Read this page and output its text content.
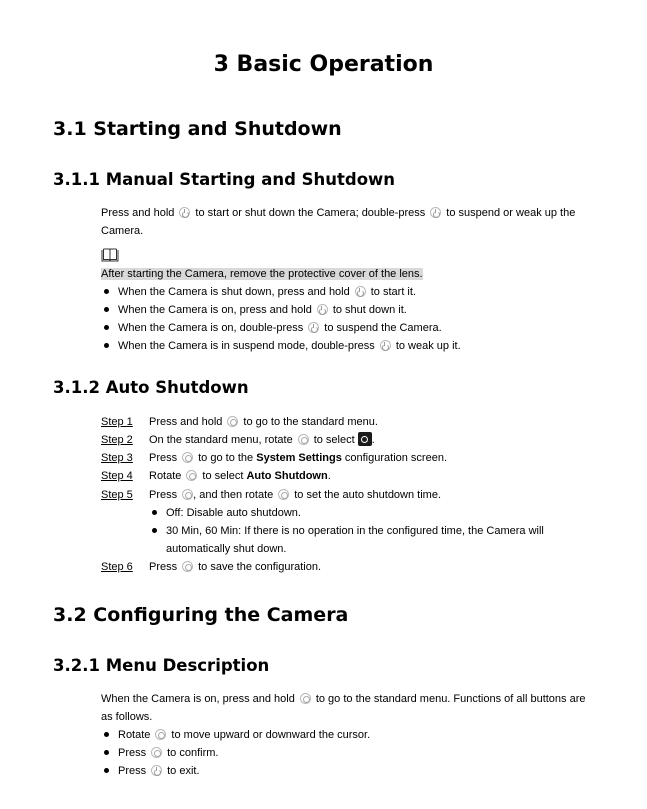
3 Basic Operation
3.1 Starting and Shutdown
3.1.1 Manual Starting and Shutdown
Press and hold to start or shut down the Camera; double-press to suspend or weak up the
Camera.
After starting the Camera, remove the protective cover of the lens.
When the Camera is shut down, press and hold to start it.
When the Camera is on, press and hold to shut down it.
When the Camera is on, double-press to suspend the Camera.
When the Camera is in suspend mode, double-press to weak up it.
3.1.2 Auto Shutdown
Step 1 Press and hold to go to the standard menu.
Step 2 On the standard menu, rotate to select .
Step 3 Press to go to the System Settings configuration screen.
Step 4 Rotate to select Auto Shutdown.
Step 5 Press , and then rotate to set the auto shutdown time.
Off: Disable auto shutdown.
30 Min, 60 Min: If there is no operation in the configured time, the Camera will
automatically shut down.
Step 6 Press to save the configuration.
3.2 Configuring the Camera
3.2.1 Menu Description
When the Camera is on, press and hold to go to the standard menu. Functions of all buttons are
as follows.
Rotate to move upward or downward the cursor.
Press to confirm.
Press to exit.
